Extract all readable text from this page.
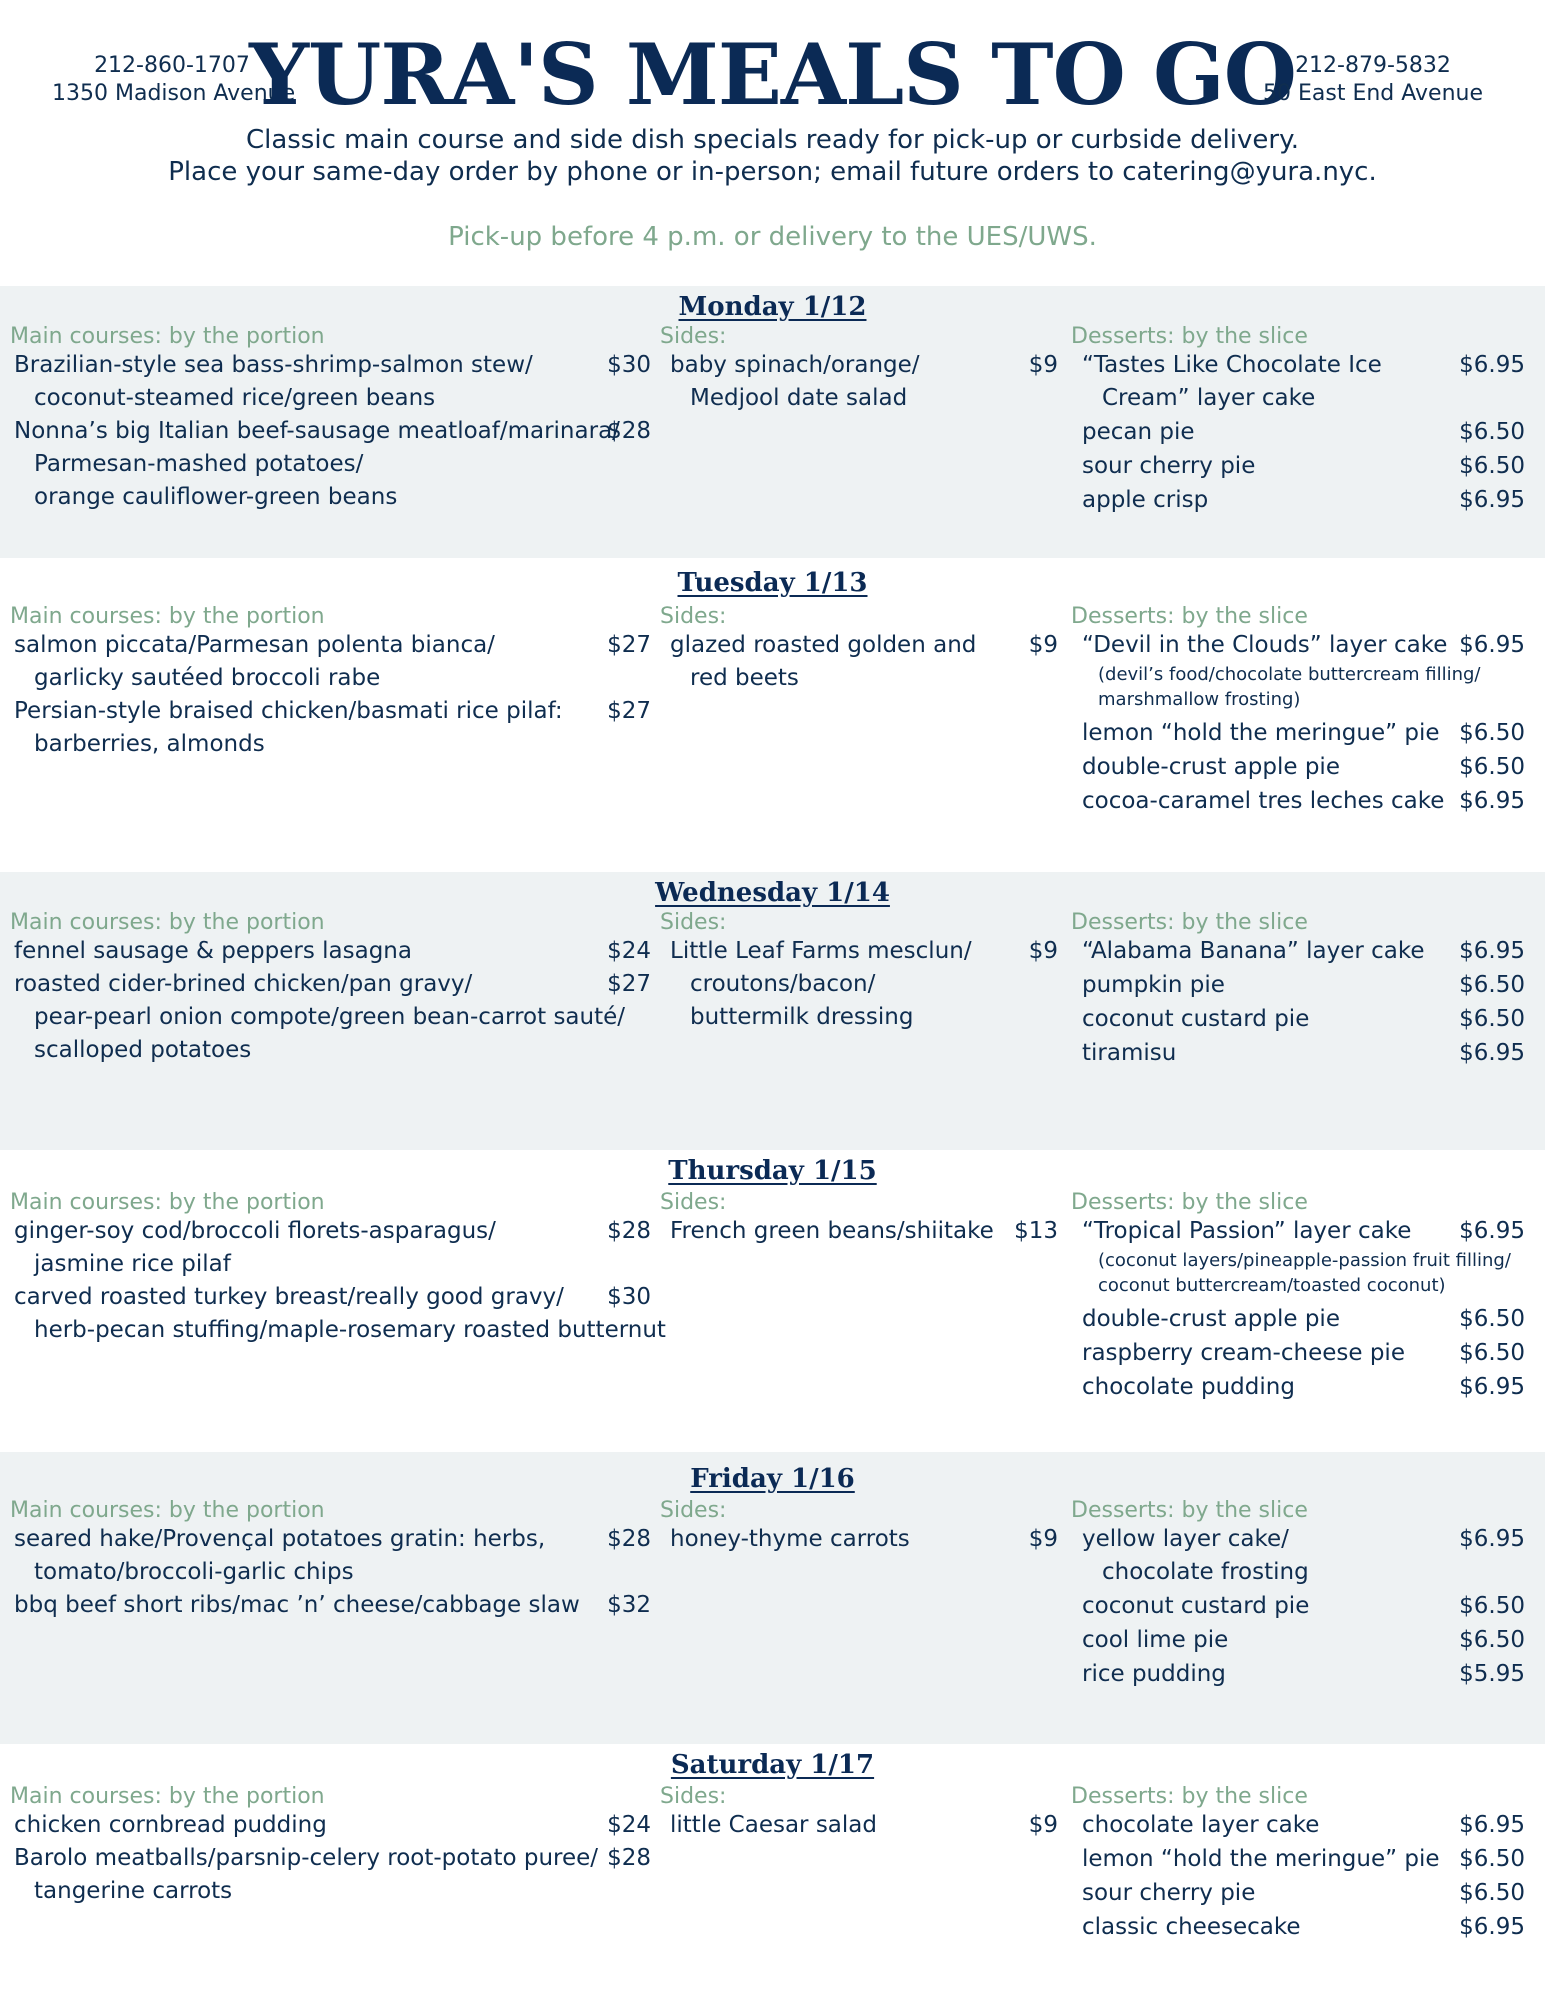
212-860-1707
1350 Madison Avenue
YURA'S MEALS TO GO 212-879-5832
50 East End Avenue
Classic main course and side dish specials ready for pick-up or curbside delivery.
Place your same-day order by phone or in-person; email future orders to catering@yura.nyc.
Pick-up before 4 p.m. or delivery to the UES/UWS.
Monday 1/12
Main courses: by the portion	Sides:	Desserts: by the slice
Brazilian-style sea bass-shrimp-salmon stew/
coconut-steamed rice/green beans
$30
Nonna’s big Italian beef-sausage meatloaf/marinara/
Parmesan-mashed potatoes/
orange cauliflower-green beans
$28
baby spinach/orange/
Medjool date salad
$9 “Tastes Like Chocolate Ice
Cream” layer cake
$6.95
pecan pie	$6.50
sour cherry pie	$6.50
apple crisp	$6.95
Tuesday 1/13
Main courses: by the portion	Sides:	Desserts: by the slice
salmon piccata/Parmesan polenta bianca/
garlicky sautéed broccoli rabe
$27
Persian-style braised chicken/basmati rice pilaf:
barberries, almonds
$27
glazed roasted golden and
red beets
$9 “Devil in the Clouds” layer cake
(devil’s food/chocolate buttercream filling/
marshmallow frosting)
$6.95
lemon “hold the meringue” pie $6.50
double-crust apple pie	$6.50
cocoa-caramel tres leches cake $6.95
Wednesday 1/14
Main courses: by the portion	Sides:	Desserts: by the slice
fennel sausage & peppers lasagna	$24
roasted cider-brined chicken/pan gravy/
pear-pearl onion compote/green bean-carrot sauté/
scalloped potatoes
$27
Little Leaf Farms mesclun/
croutons/bacon/
buttermilk dressing
$9 “Alabama Banana” layer cake	$6.95
pumpkin pie	$6.50
coconut custard pie	$6.50
tiramisu	$6.95
Thursday 1/15
Main courses: by the portion	Sides:	Desserts: by the slice
ginger-soy cod/broccoli florets-asparagus/
jasmine rice pilaf
$28
carved roasted turkey breast/really good gravy/
herb-pecan stuffing/maple-rosemary roasted butternut
$30
French green beans/shiitake $13 “Tropical Passion” layer cake
(coconut layers/pineapple-passion fruit filling/
coconut buttercream/toasted coconut)
$6.95
double-crust apple pie	$6.50
raspberry cream-cheese pie	$6.50
chocolate pudding	$6.95
Friday 1/16
Main courses: by the portion	Sides:	Desserts: by the slice
seared hake/Provençal potatoes gratin: herbs,
tomato/broccoli-garlic chips
$28
bbq beef short ribs/mac ’n’ cheese/cabbage slaw	$32
honey-thyme carrots	$9 yellow layer cake/
chocolate frosting
$6.95
coconut custard pie	$6.50
cool lime pie	$6.50
rice pudding	$5.95
Saturday 1/17
Main courses: by the portion	Sides:	Desserts: by the slice
chicken cornbread pudding	$24
Barolo meatballs/parsnip-celery root-potato puree/
tangerine carrots
$28
little Caesar salad	$9 chocolate layer cake	$6.95
lemon “hold the meringue” pie $6.50
sour cherry pie	$6.50
classic cheesecake	$6.95
